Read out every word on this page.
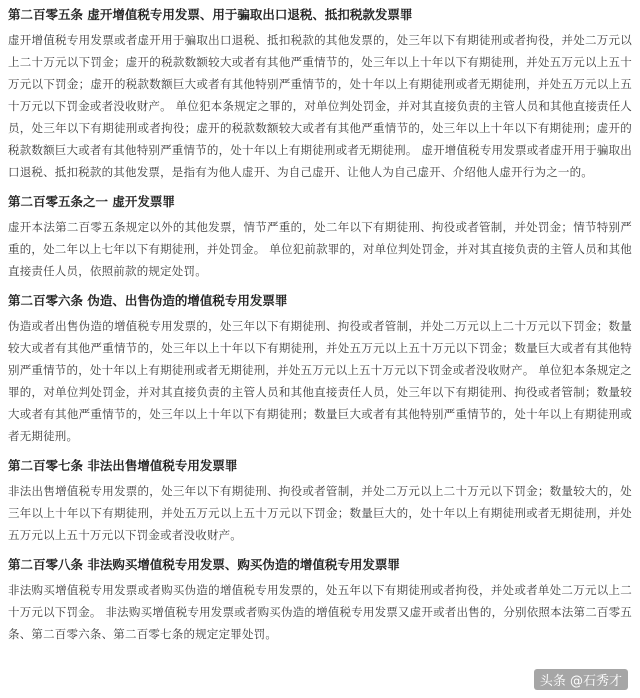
第二百零五条 虚开增值税专用发票、用于骗取出口退税、抵扣税款发票罪

虚开增值税专用发票或者虚开用于骗取出口退税、抵扣税款的其他发票的，处三年以下有期徒刑或者拘役，并处二万元以上二十万元以下罚金；虚开的税款数额较大或者有其他严重情节的，处三年以上十年以下有期徒刑，并处五万元以上五十万元以下罚金；虚开的税款数额巨大或者有其他特别严重情节的，处十年以上有期徒刑或者无期徒刑，并处五万元以上五十万元以下罚金或者没收财产。 单位犯本条规定之罪的，对单位判处罚金，并对其直接负责的主管人员和其他直接责任人员，处三年以下有期徒刑或者拘役；虚开的税款数额较大或者有其他严重情节的，处三年以上十年以下有期徒刑；虚开的税款数额巨大或者有其他特别严重情节的，处十年以上有期徒刑或者无期徒刑。 虚开增值税专用发票或者虚开用于骗取出口退税、抵扣税款的其他发票，是指有为他人虚开、为自己虚开、让他人为自己虚开、介绍他人虚开行为之一的。

第二百零五条之一 虚开发票罪

虚开本法第二百零五条规定以外的其他发票，情节严重的，处二年以下有期徒刑、拘役或者管制，并处罚金；情节特别严重的，处二年以上七年以下有期徒刑，并处罚金。 单位犯前款罪的，对单位判处罚金，并对其直接负责的主管人员和其他直接责任人员，依照前款的规定处罚。

第二百零六条 伪造、出售伪造的增值税专用发票罪

伪造或者出售伪造的增值税专用发票的，处三年以下有期徒刑、拘役或者管制，并处二万元以上二十万元以下罚金；数量较大或者有其他严重情节的，处三年以上十年以下有期徒刑，并处五万元以上五十万元以下罚金；数量巨大或者有其他特别严重情节的，处十年以上有期徒刑或者无期徒刑，并处五万元以上五十万元以下罚金或者没收财产。 单位犯本条规定之罪的，对单位判处罚金，并对其直接负责的主管人员和其他直接责任人员，处三年以下有期徒刑、拘役或者管制；数量较大或者有其他严重情节的，处三年以上十年以下有期徒刑；数量巨大或者有其他特别严重情节的，处十年以上有期徒刑或者无期徒刑。

第二百零七条 非法出售增值税专用发票罪

非法出售增值税专用发票的，处三年以下有期徒刑、拘役或者管制，并处二万元以上二十万元以下罚金；数量较大的，处三年以上十年以下有期徒刑，并处五万元以上五十万元以下罚金；数量巨大的，处十年以上有期徒刑或者无期徒刑，并处五万元以上五十万元以下罚金或者没收财产。

第二百零八条 非法购买增值税专用发票、购买伪造的增值税专用发票罪

非法购买增值税专用发票或者购买伪造的增值税专用发票的，处五年以下有期徒刑或者拘役，并处或者单处二万元以上二十万元以下罚金。 非法购买增值税专用发票或者购买伪造的增值税专用发票又虚开或者出售的，分别依照本法第二百零五条、第二百零六条、第二百零七条的规定定罪处罚。

头条 @石秀才
